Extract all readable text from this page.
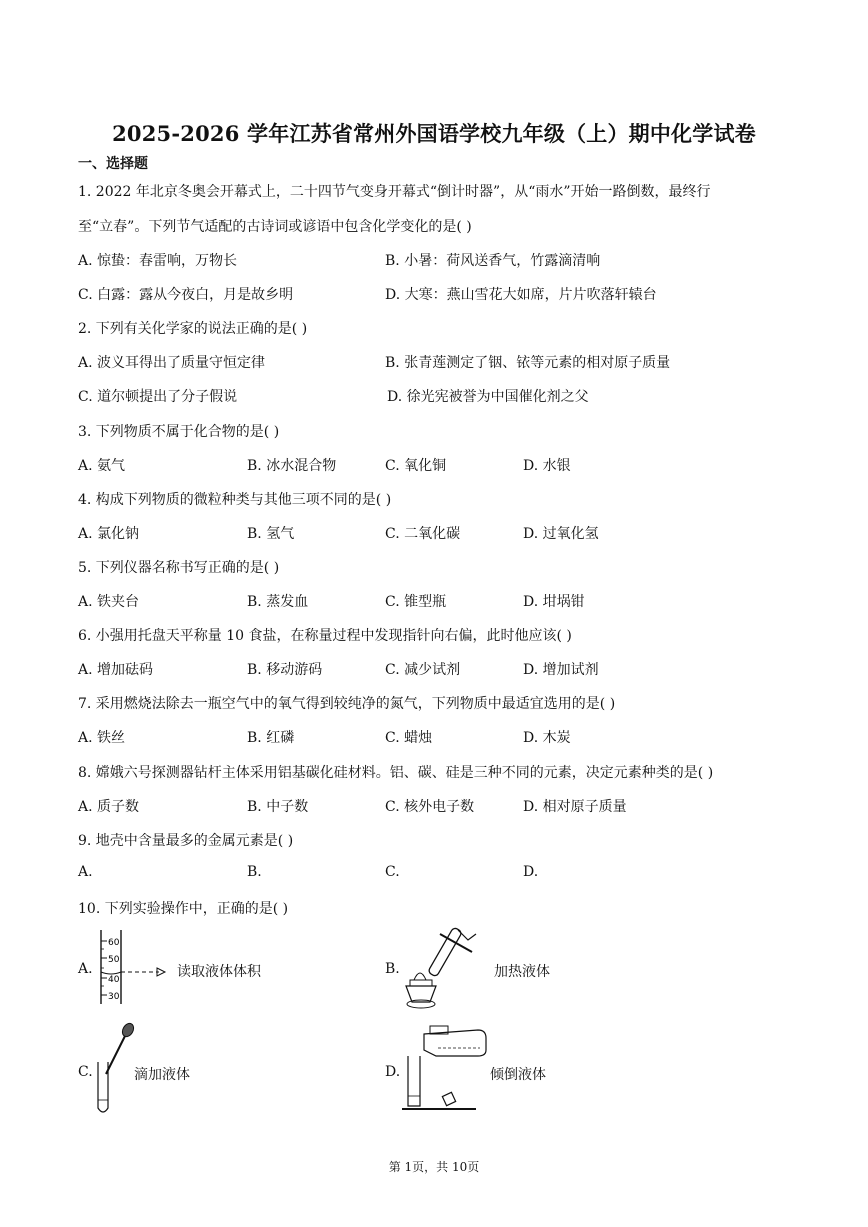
2025-2026 学年江苏省常州外国语学校九年级（上）期中化学试卷
一、选择题
1. 2022 年北京冬奥会开幕式上，二十四节气变身开幕式“倒计时器”，从“雨水”开始一路倒数，最终行
至“立春”。下列节气适配的古诗词或谚语中包含化学变化的是( )
A. 惊蛰：春雷响，万物长	B. 小暑：荷风送香气，竹露滴清响
C. 白露：露从今夜白，月是故乡明	D. 大寒：燕山雪花大如席，片片吹落轩辕台
2. 下列有关化学家的说法正确的是( )
A. 波义耳得出了质量守恒定律	B. 张青莲测定了铟、铱等元素的相对原子质量
C. 道尔顿提出了分子假说	D. 徐光宪被誉为中国催化剂之父
3. 下列物质不属于化合物的是( )
A. 氨气	B. 冰水混合物	C. 氧化铜	D. 水银
4. 构成下列物质的微粒种类与其他三项不同的是( )
A. 氯化钠	B. 氢气	C. 二氧化碳	D. 过氧化氢
5. 下列仪器名称书写正确的是( )
A. 铁夹台	B. 蒸发血	C. 锥型瓶	D. 坩埚钳
6. 小强用托盘天平称量 10 食盐，在称量过程中发现指针向右偏，此时他应该( )
A. 增加砝码	B. 移动游码	C. 减少试剂	D. 增加试剂
7. 采用燃烧法除去一瓶空气中的氧气得到较纯净的氮气，下列物质中最适宜选用的是( )
A. 铁丝	B. 红磷	C. 蜡烛	D. 木炭
8. 嫦娥六号探测器钻杆主体采用铝基碳化硅材料。铝、碳、硅是三种不同的元素，决定元素种类的是( )
A. 质子数	B. 中子数	C. 核外电子数	D. 相对原子质量
9. 地壳中含量最多的金属元素是( )
A.	B.	C.	D.
10. 下列实验操作中，正确的是( )
A.
60
50
40
30
读取液体体积	B.	加热液体
C.	滴加液体	D.	倾倒液体
第 1页，共 10页
